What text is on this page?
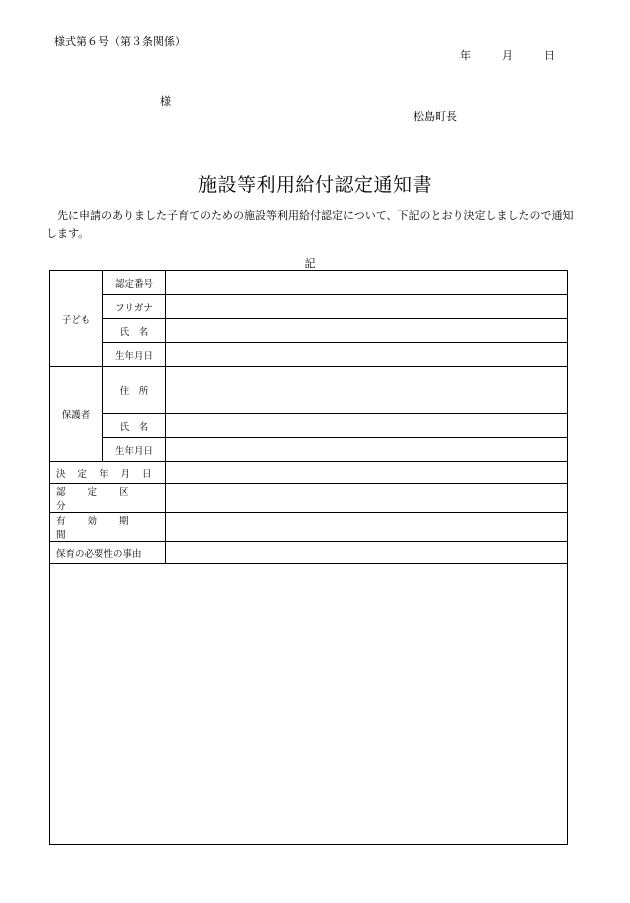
様式第６号（第３条関係）
年	月	日
様
松島町長
施設等利用給付認定通知書
先に申請のありました子育てのための施設等利用給付認定について、下記のとおり決定しましたので通知します。
記
子ども	認定番号	
	フリガナ	
	氏　名	
	生年月日	
保護者	住　所	
	氏　名	
	生年月日	
決定年月日		
認定区分		
有効期間		
保育の必要性の事由		
